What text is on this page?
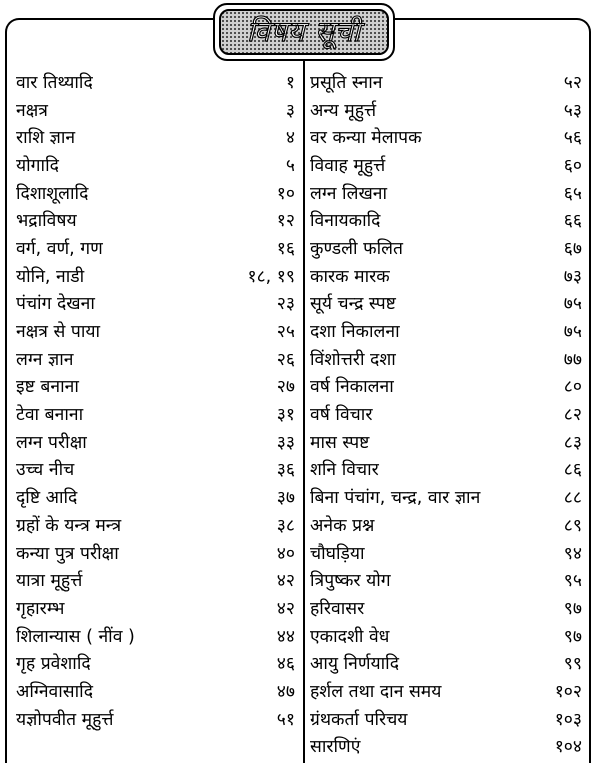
विषय सूची
वार तिथ्यादि	१
नक्षत्र	३
राशि ज्ञान	४
योगादि	५
दिशाशूलादि	१०
भद्राविषय	१२
वर्ग, वर्ण, गण	१६
योनि, नाडी	१८, १९
पंचांग देखना	२३
नक्षत्र से पाया	२५
लग्न ज्ञान	२६
इष्ट बनाना	२७
टेवा बनाना	३१
लग्न परीक्षा	३३
उच्च नीच	३६
दृष्टि आदि	३७
ग्रहों के यन्त्र मन्त्र	३८
कन्या पुत्र परीक्षा	४०
यात्रा मूहुर्त्त	४२
गृहारम्भ	४२
शिलान्यास ( नींव )	४४
गृह प्रवेशादि	४६
अग्निवासादि	४७
यज्ञोपवीत मूहुर्त्त	५१
प्रसूति स्नान	५२
अन्य मूहुर्त्त	५३
वर कन्या मेलापक	५६
विवाह मूहुर्त्त	६०
लग्न लिखना	६५
विनायकादि	६६
कुण्डली फलित	६७
कारक मारक	७३
सूर्य चन्द्र स्पष्ट	७५
दशा निकालना	७५
विंशोत्तरी दशा	७७
वर्ष निकालना	८०
वर्ष विचार	८२
मास स्पष्ट	८३
शनि विचार	८६
बिना पंचांग, चन्द्र, वार ज्ञान	८८
अनेक प्रश्न	८९
चौघड़िया	९४
त्रिपुष्कर योग	९५
हरिवासर	९७
एकादशी वेध	९७
आयु निर्णयादि	९९
हर्शल तथा दान समय	१०२
ग्रंथकर्ता परिचय	१०३
सारणिएं	१०४
